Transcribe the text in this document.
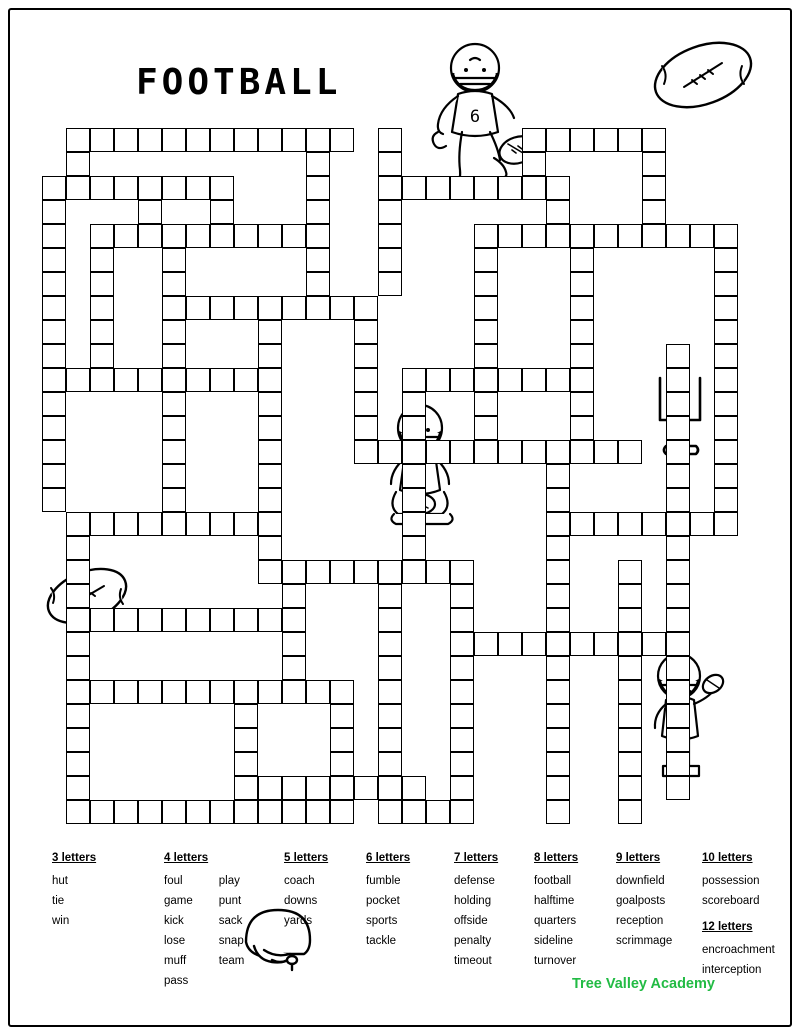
FOOTBALL
6
3 letters
hut
tie
win
4 letters
foul
game
kick
lose
muff
pass
play
punt
sack
snap
team
5 letters
coach
downs
yards
6 letters
fumble
pocket
sports
tackle
7 letters
defense
holding
offside
penalty
timeout
8 letters
football
halftime
quarters
sideline
turnover
9 letters
downfield
goalposts
reception
scrimmage
10 letters
possession
scoreboard
12 letters
encroachment
interception
Tree Valley Academy
